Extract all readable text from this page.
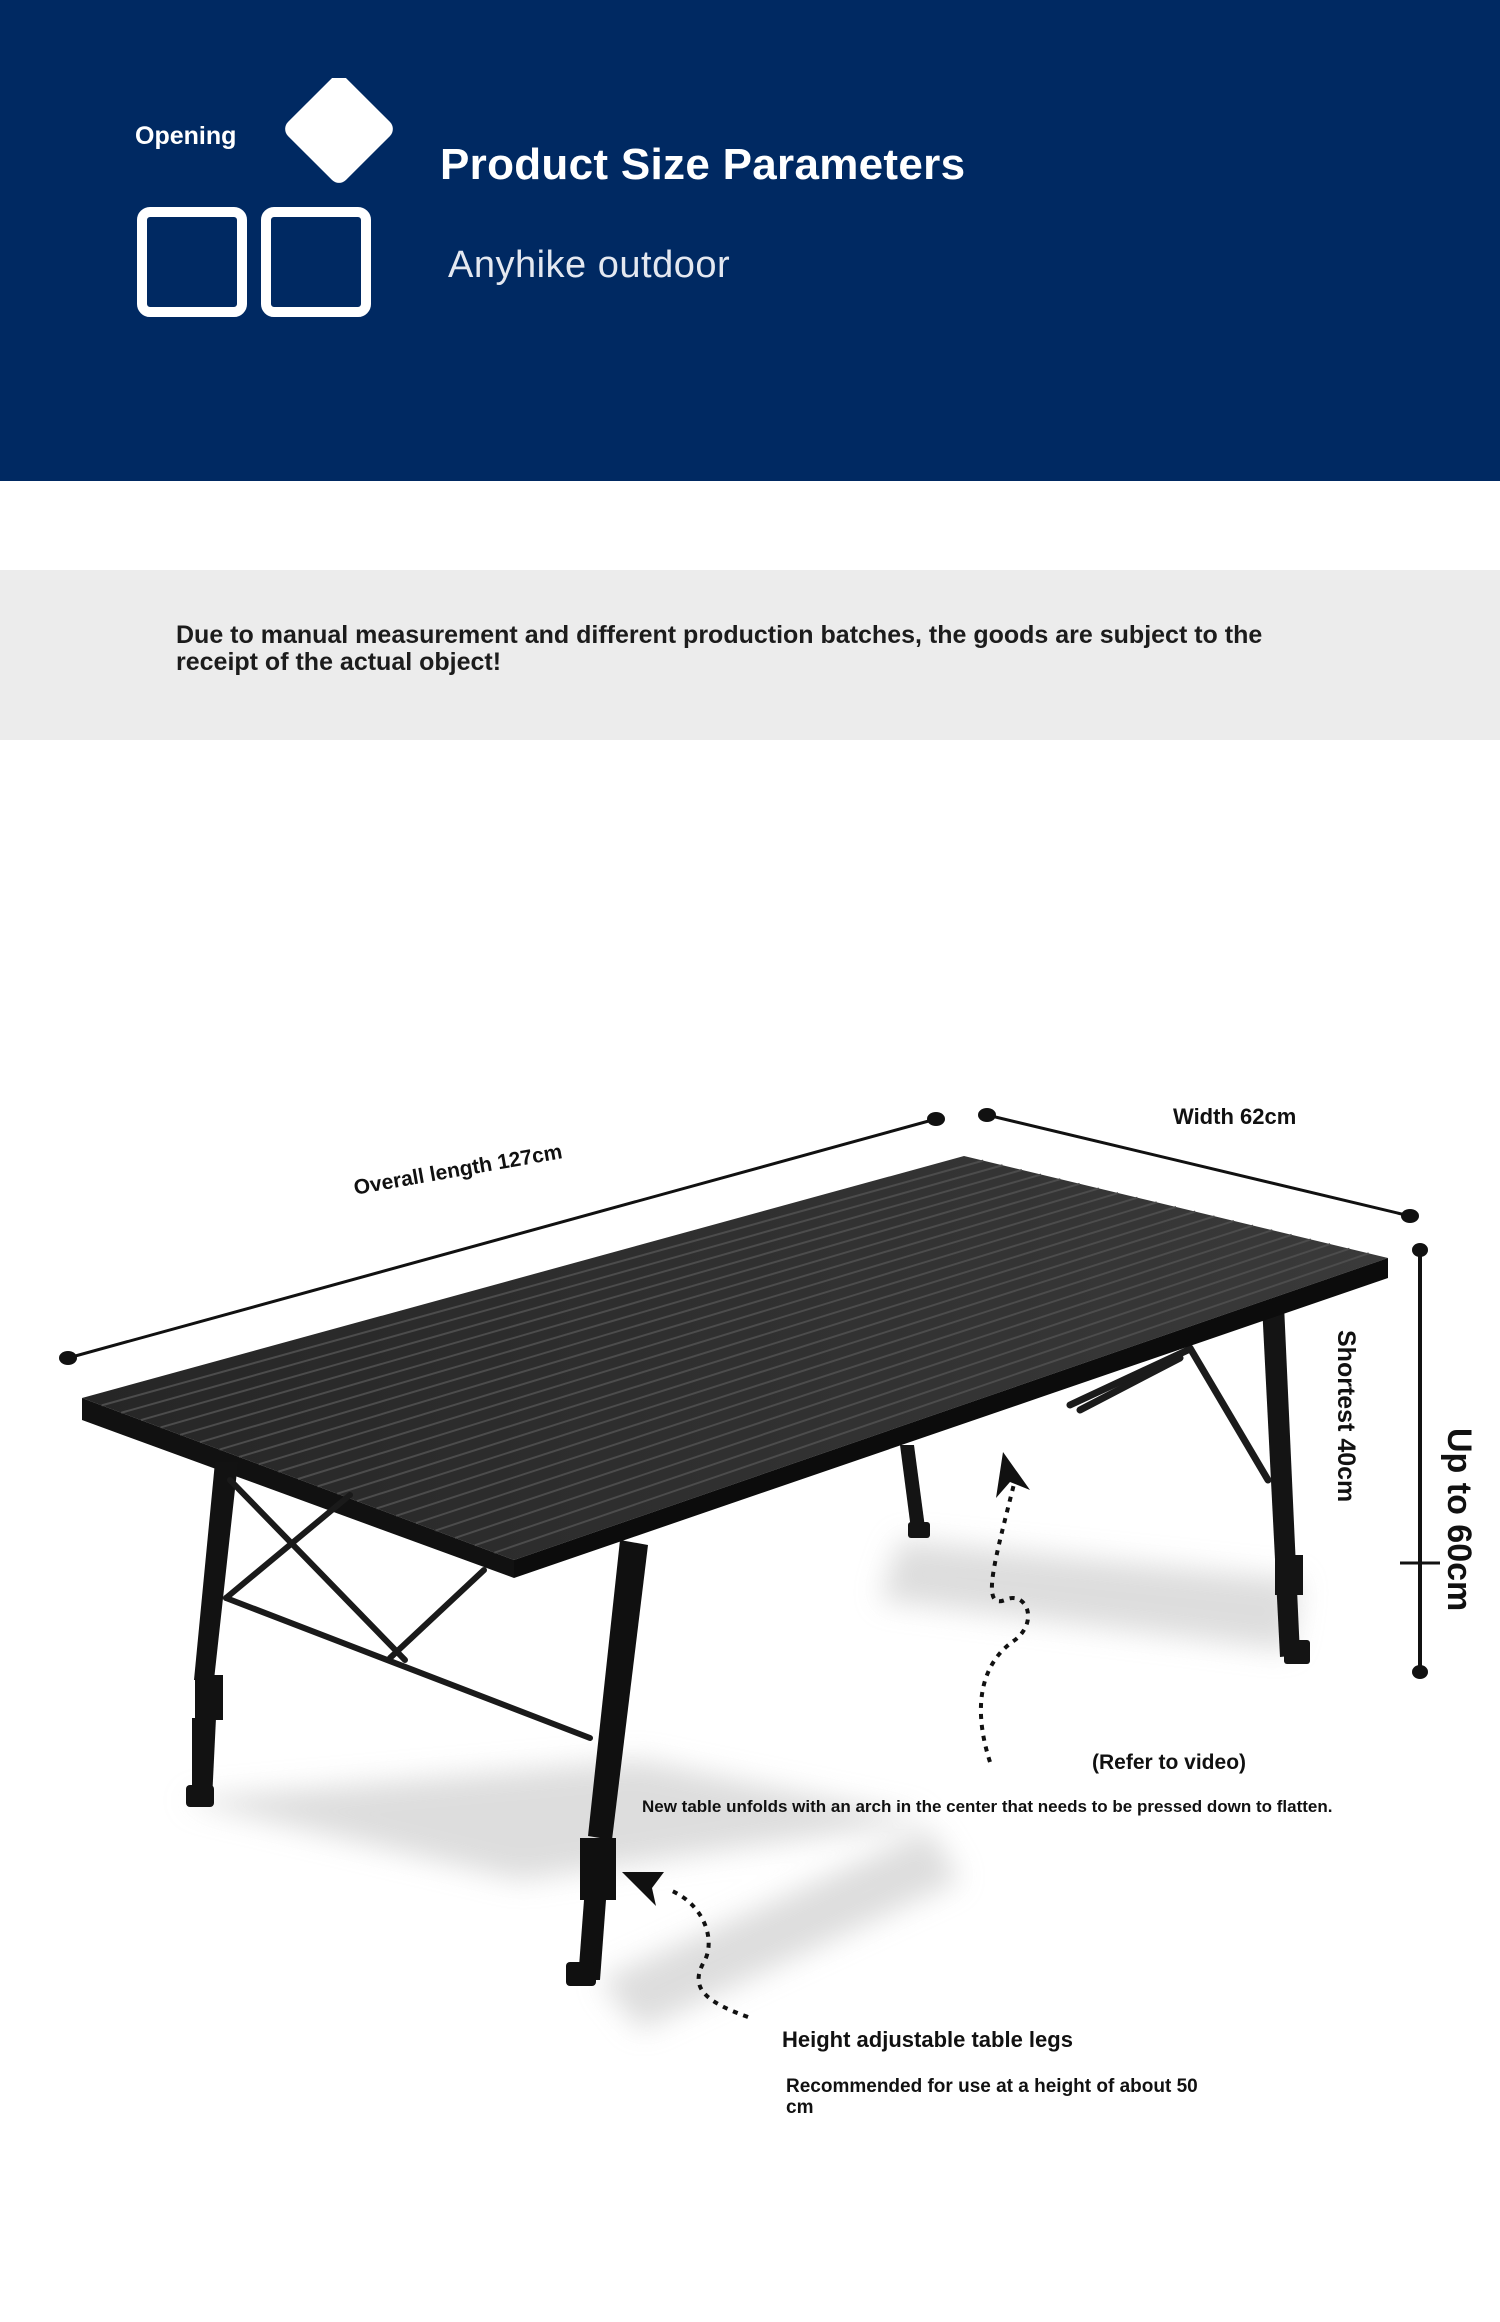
Opening
Product Size Parameters
Anyhike outdoor
Due to manual measurement and different production batches, the goods are subject to the receipt of the actual object!
Overall length 127cm
Width 62cm
Shortest 40cm
Up to 60cm
(Refer to video)
New table unfolds with an arch in the center that needs to be pressed down to flatten.
Height adjustable table legs
Recommended for use at a height of about 50 cm
